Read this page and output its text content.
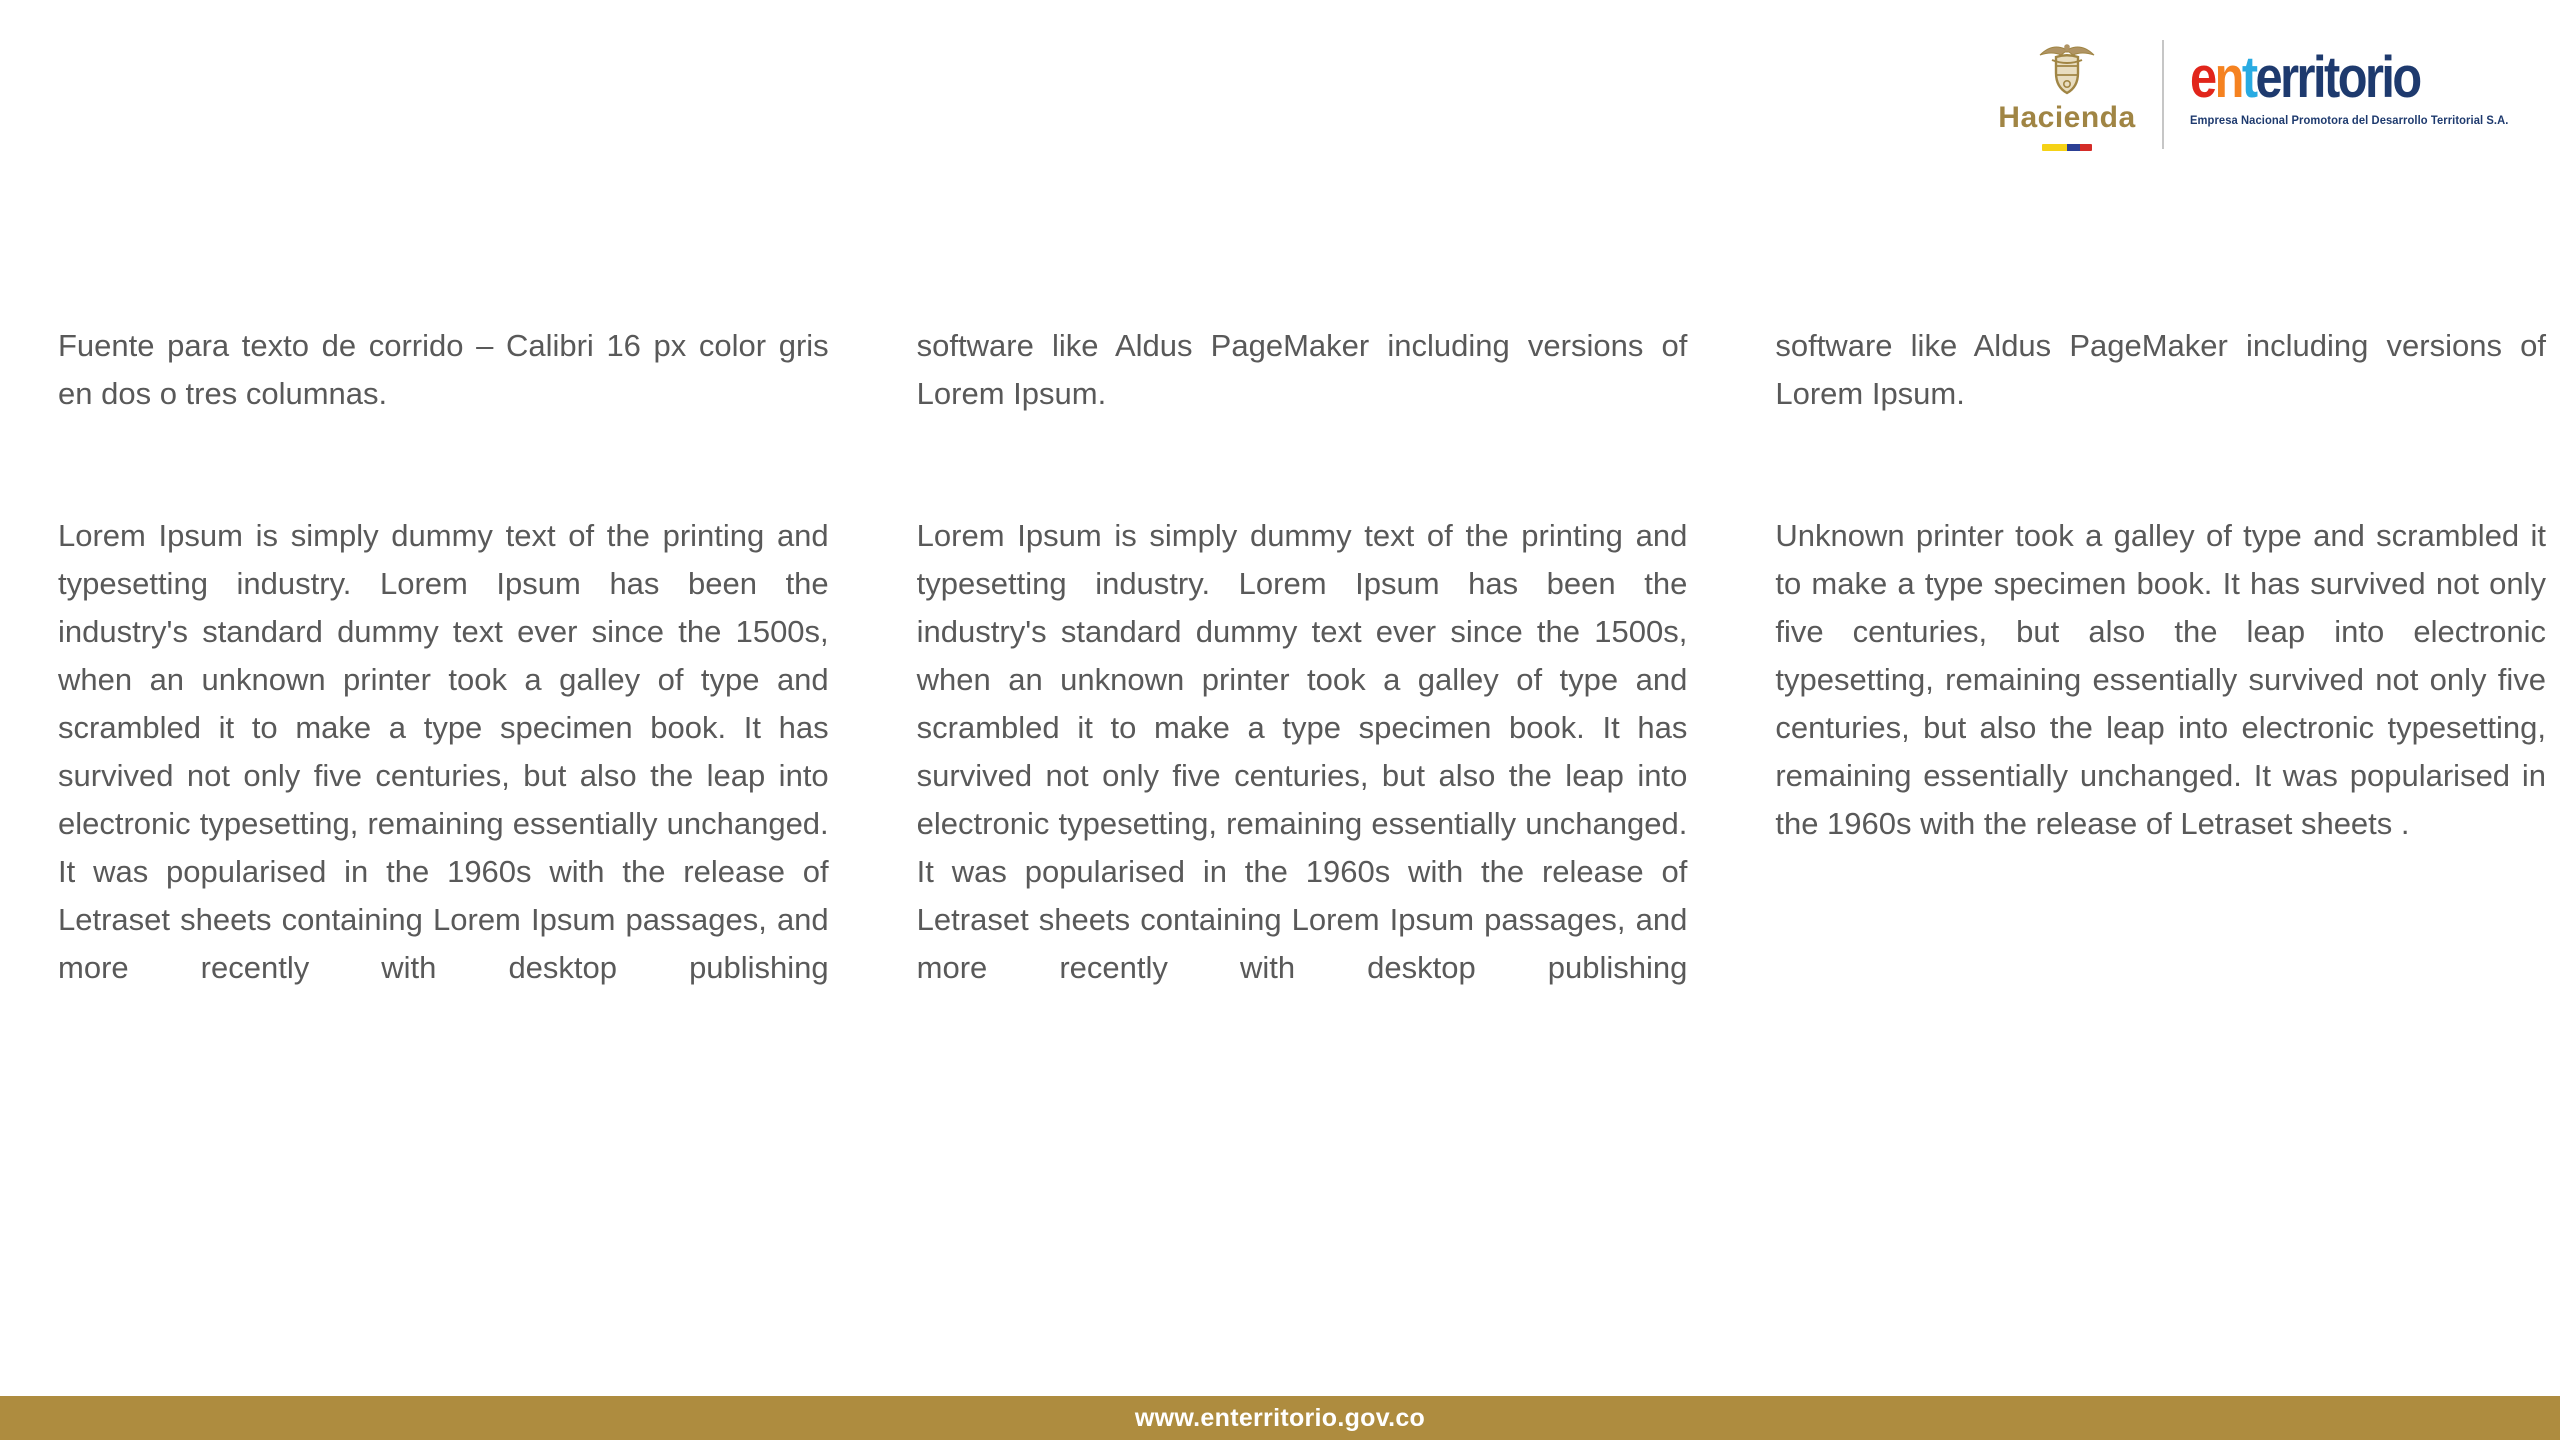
Hacienda
enterritorio
Empresa Nacional Promotora del Desarrollo Territorial S.A.

Fuente para texto de corrido – Calibri 16 px color gris en dos o tres columnas.

Lorem Ipsum is simply dummy text of the printing and typesetting industry. Lorem Ipsum has been the industry's standard dummy text ever since the 1500s, when an unknown printer took a galley of type and scrambled it to make a type specimen book. It has survived not only five centuries, but also the leap into electronic typesetting, remaining essentially unchanged. It was popularised in the 1960s with the release of Letraset sheets containing Lorem Ipsum passages, and more recently with desktop publishing

software like Aldus PageMaker including versions of Lorem Ipsum.

Lorem Ipsum is simply dummy text of the printing and typesetting industry. Lorem Ipsum has been the industry's standard dummy text ever since the 1500s, when an unknown printer took a galley of type and scrambled it to make a type specimen book. It has survived not only five centuries, but also the leap into electronic typesetting, remaining essentially unchanged. It was popularised in the 1960s with the release of Letraset sheets containing Lorem Ipsum passages, and more recently with desktop publishing

software like Aldus PageMaker including versions of Lorem Ipsum.

Unknown printer took a galley of type and scrambled it to make a type specimen book. It has survived not only five centuries, but also the leap into electronic typesetting, remaining essentially survived not only five centuries, but also the leap into electronic typesetting, remaining essentially unchanged. It was popularised in the 1960s with the release of Letraset sheets .

www.enterritorio.gov.co
